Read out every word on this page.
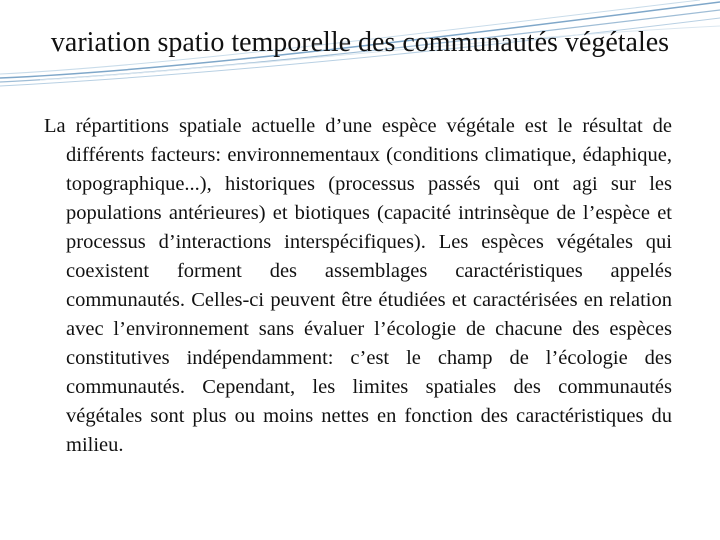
variation spatio temporelle des communautés végétales

La répartitions spatiale actuelle d’une espèce végétale est le résultat de différents facteurs: environnementaux (conditions climatique, édaphique, topographique...), historiques (processus passés qui ont agi sur les populations antérieures) et biotiques (capacité intrinsèque de l’espèce et processus d’interactions interspécifiques). Les espèces végétales qui coexistent forment des assemblages caractéristiques appelés communautés. Celles-ci peuvent être étudiées et caractérisées en relation avec l’environnement sans évaluer l’écologie de chacune des espèces constitutives indépendamment: c’est le champ de l’écologie des communautés. Cependant, les limites spatiales des communautés végétales sont plus ou moins nettes en fonction des caractéristiques du milieu.
